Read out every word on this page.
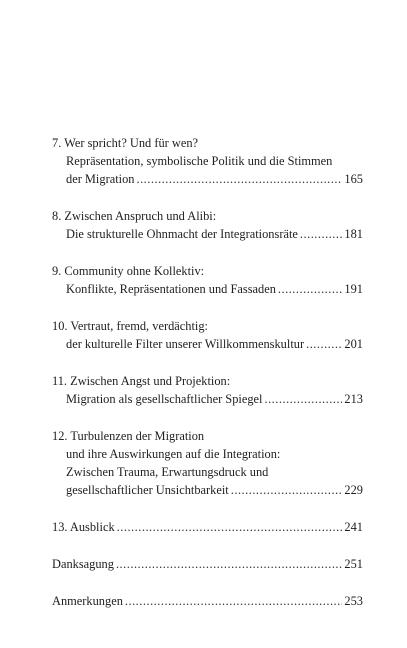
7. Wer spricht? Und für wen?
Repräsentation, symbolische Politik und die Stimmen
der Migration .....	165
8. Zwischen Anspruch und Alibi:
Die strukturelle Ohnmacht der Integrationsräte .....	181
9. Community ohne Kollektiv:
Konflikte, Repräsentationen und Fassaden .....	191
10. Vertraut, fremd, verdächtig:
der kulturelle Filter unserer Willkommenskultur .....	201
11. Zwischen Angst und Projektion:
Migration als gesellschaftlicher Spiegel .....	213
12. Turbulenzen der Migration
und ihre Auswirkungen auf die Integration:
Zwischen Trauma, Erwartungsdruck und
gesellschaftlicher Unsichtbarkeit .....	229
13. Ausblick .....	241
Danksagung .....	251
Anmerkungen .....	253
